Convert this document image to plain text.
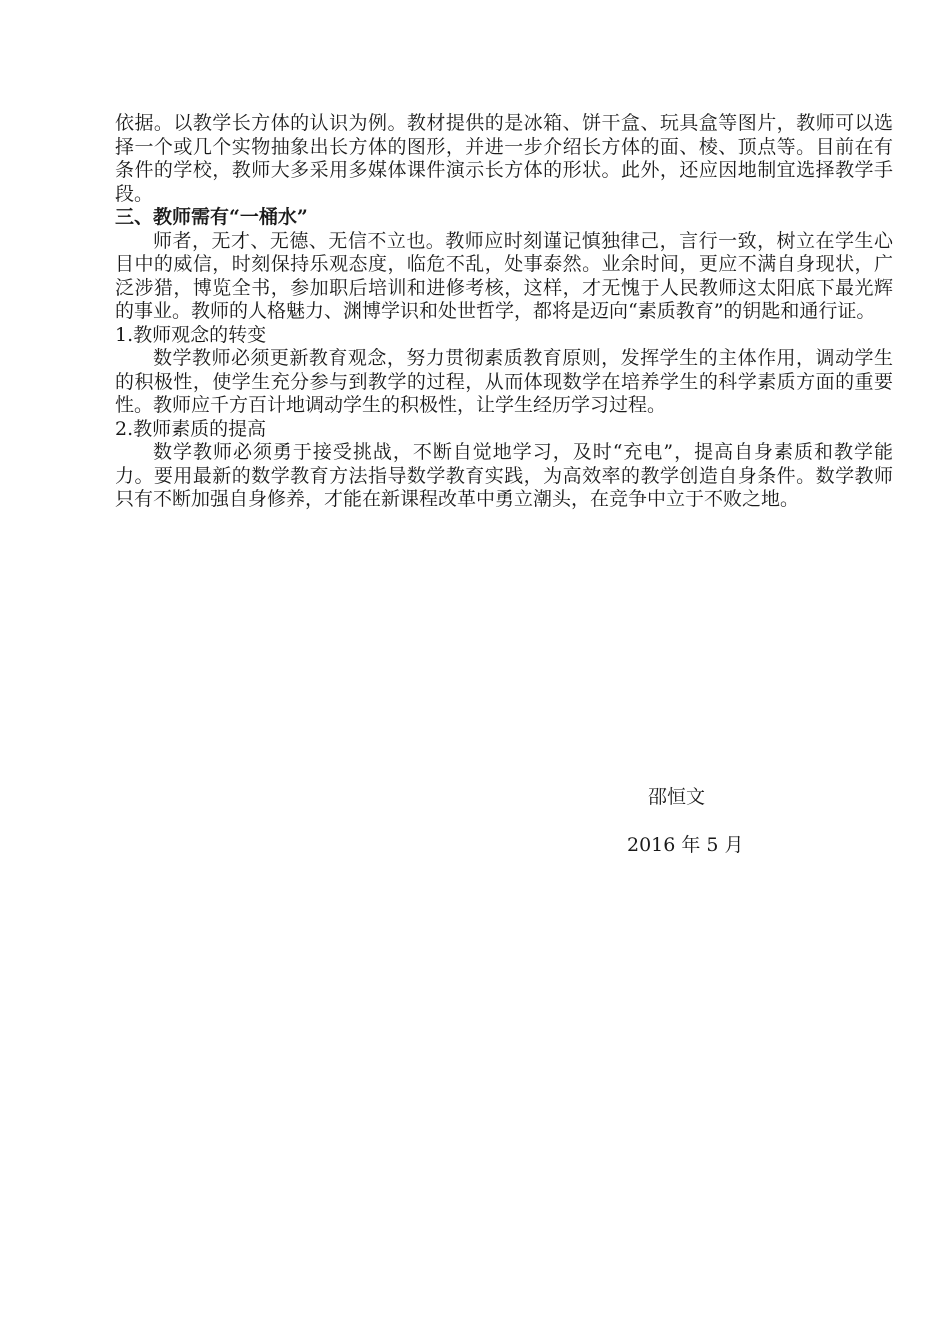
依据。以教学长方体的认识为例。教材提供的是冰箱、饼干盒、玩具盒等图片，教师可以选择一个或几个实物抽象出长方体的图形，并进一步介绍长方体的面、棱、顶点等。目前在有条件的学校，教师大多采用多媒体课件演示长方体的形状。此外，还应因地制宜选择教学手段。

三、教师需有“一桶水”

师者，无才、无德、无信不立也。教师应时刻谨记慎独律己，言行一致，树立在学生心目中的威信，时刻保持乐观态度，临危不乱，处事泰然。业余时间，更应不满自身现状，广泛涉猎，博览全书，参加职后培训和进修考核，这样，才无愧于人民教师这太阳底下最光辉的事业。教师的人格魅力、渊博学识和处世哲学，都将是迈向“素质教育”的钥匙和通行证。

1.教师观念的转变

数学教师必须更新教育观念，努力贯彻素质教育原则，发挥学生的主体作用，调动学生的积极性，使学生充分参与到教学的过程，从而体现数学在培养学生的科学素质方面的重要性。教师应千方百计地调动学生的积极性，让学生经历学习过程。

2.教师素质的提高

数学教师必须勇于接受挑战，不断自觉地学习，及时“充电”，提高自身素质和教学能力。要用最新的数学教育方法指导数学教育实践，为高效率的教学创造自身条件。数学教师只有不断加强自身修养，才能在新课程改革中勇立潮头，在竞争中立于不败之地。

邵恒文

2016 年 5 月
